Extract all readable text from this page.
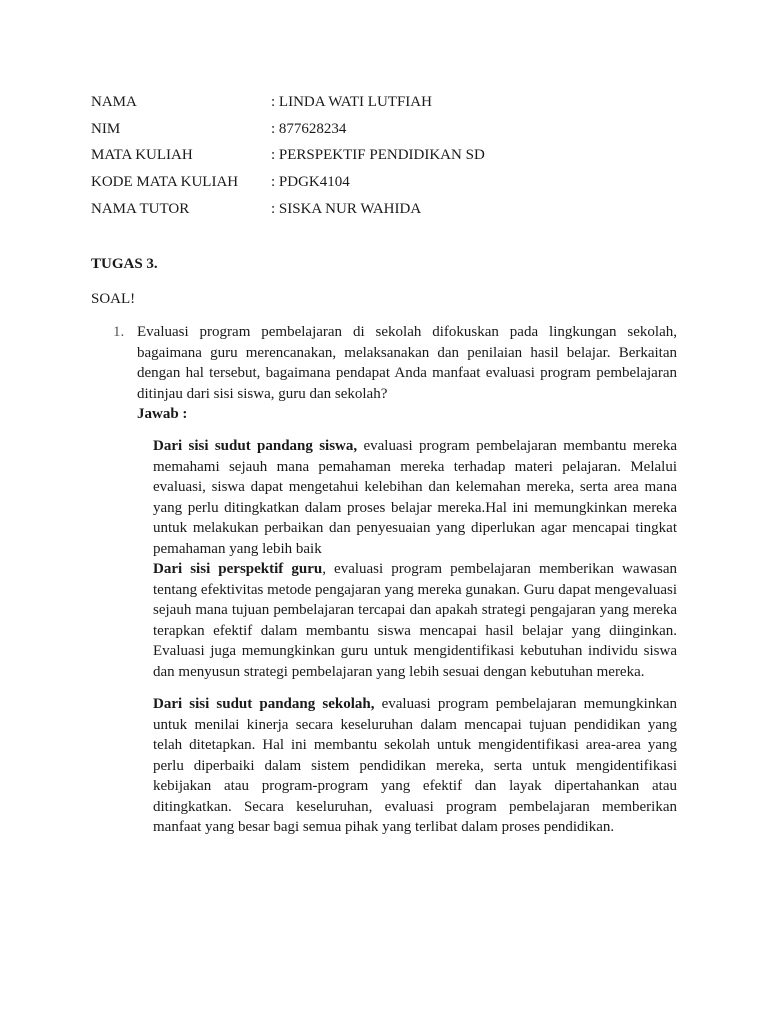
NAMA	: LINDA WATI LUTFIAH
NIM	: 877628234
MATA KULIAH	: PERSPEKTIF PENDIDIKAN SD
KODE MATA KULIAH	: PDGK4104
NAMA TUTOR	: SISKA NUR WAHIDA
TUGAS 3.
SOAL!
1. Evaluasi program pembelajaran di sekolah difokuskan pada lingkungan sekolah, bagaimana guru merencanakan, melaksanakan dan penilaian hasil belajar. Berkaitan dengan hal tersebut, bagaimana pendapat Anda manfaat evaluasi program pembelajaran ditinjau dari sisi siswa, guru dan sekolah?
Jawab :

Dari sisi sudut pandang siswa, evaluasi program pembelajaran membantu mereka memahami sejauh mana pemahaman mereka terhadap materi pelajaran. Melalui evaluasi, siswa dapat mengetahui kelebihan dan kelemahan mereka, serta area mana yang perlu ditingkatkan dalam proses belajar mereka.Hal ini memungkinkan mereka untuk melakukan perbaikan dan penyesuaian yang diperlukan agar mencapai tingkat pemahaman yang lebih baik

Dari sisi perspektif guru, evaluasi program pembelajaran memberikan wawasan tentang efektivitas metode pengajaran yang mereka gunakan. Guru dapat mengevaluasi sejauh mana tujuan pembelajaran tercapai dan apakah strategi pengajaran yang mereka terapkan efektif dalam membantu siswa mencapai hasil belajar yang diinginkan. Evaluasi juga memungkinkan guru untuk mengidentifikasi kebutuhan individu siswa dan menyusun strategi pembelajaran yang lebih sesuai dengan kebutuhan mereka.

Dari sisi sudut pandang sekolah, evaluasi program pembelajaran memungkinkan untuk menilai kinerja secara keseluruhan dalam mencapai tujuan pendidikan yang telah ditetapkan. Hal ini membantu sekolah untuk mengidentifikasi area-area yang perlu diperbaiki dalam sistem pendidikan mereka, serta untuk mengidentifikasi kebijakan atau program-program yang efektif dan layak dipertahankan atau ditingkatkan. Secara keseluruhan, evaluasi program pembelajaran memberikan manfaat yang besar bagi semua pihak yang terlibat dalam proses pendidikan.
